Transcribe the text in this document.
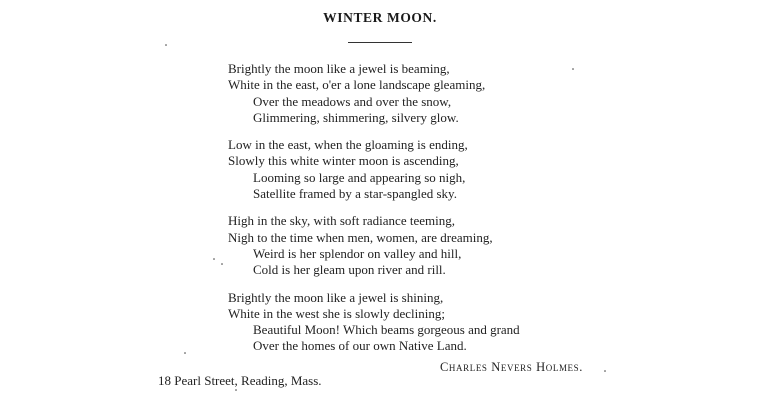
WINTER MOON.
Brightly the moon like a jewel is beaming,
White in the east, o'er a lone landscape gleaming,
Over the meadows and over the snow,
Glimmering, shimmering, silvery glow.
Low in the east, when the gloaming is ending,
Slowly this white winter moon is ascending,
Looming so large and appearing so nigh,
Satellite framed by a star-spangled sky.
High in the sky, with soft radiance teeming,
Nigh to the time when men, women, are dreaming,
Weird is her splendor on valley and hill,
Cold is her gleam upon river and rill.
Brightly the moon like a jewel is shining,
White in the west she is slowly declining;
Beautiful Moon! Which beams gorgeous and grand
Over the homes of our own Native Land.
Charles Nevers Holmes.
18 Pearl Street, Reading, Mass.
